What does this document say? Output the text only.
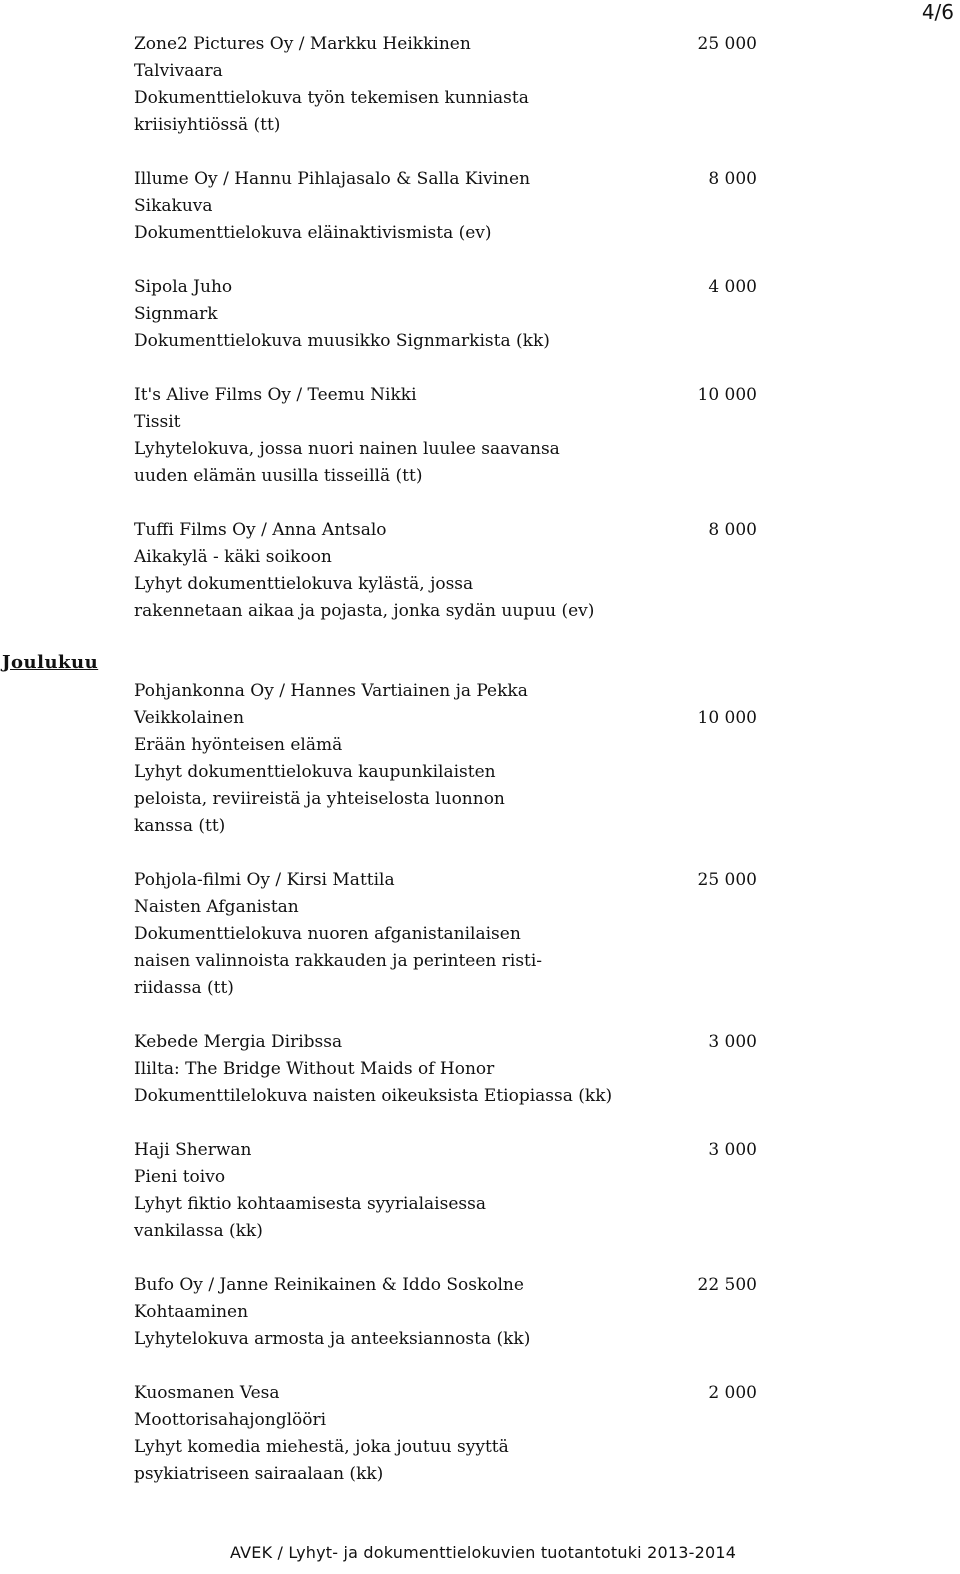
4/6
Joulukuu
25 000
Zone2 Pictures Oy / Markku Heikkinen
Talvivaara
Dokumenttielokuva työn tekemisen kunniasta
kriisiyhtiössä (tt)
8 000
Illume Oy / Hannu Pihlajasalo & Salla Kivinen
Sikakuva
Dokumenttielokuva eläinaktivismista (ev)
4 000
Sipola Juho
Signmark
Dokumenttielokuva muusikko Signmarkista (kk)
10 000
It's Alive Films Oy / Teemu Nikki
Tissit
Lyhytelokuva, jossa nuori nainen luulee saavansa
uuden elämän uusilla tisseillä (tt)
8 000
Tuffi Films Oy / Anna Antsalo
Aikakylä - käki soikoon
Lyhyt dokumenttielokuva kylästä, jossa
rakennetaan aikaa ja pojasta, jonka sydän uupuu (ev)
10 000
Pohjankonna Oy / Hannes Vartiainen ja Pekka
Veikkolainen
Erään hyönteisen elämä
Lyhyt dokumenttielokuva kaupunkilaisten
peloista, reviireistä ja yhteiselosta luonnon
kanssa (tt)
25 000
Pohjola-filmi Oy / Kirsi Mattila
Naisten Afganistan
Dokumenttielokuva nuoren afganistanilaisen
naisen valinnoista rakkauden ja perinteen risti-
riidassa (tt)
3 000
Kebede Mergia Diribssa
Ililta: The Bridge Without Maids of Honor
Dokumenttilelokuva naisten oikeuksista Etiopiassa (kk)
3 000
Haji Sherwan
Pieni toivo
Lyhyt fiktio kohtaamisesta syyrialaisessa
vankilassa (kk)
22 500
Bufo Oy / Janne Reinikainen & Iddo Soskolne
Kohtaaminen
Lyhytelokuva armosta ja anteeksiannosta (kk)
2 000
Kuosmanen Vesa
Moottorisahajonglööri
Lyhyt komedia miehestä, joka joutuu syyttä
psykiatriseen sairaalaan (kk)
AVEK / Lyhyt- ja dokumenttielokuvien tuotantotuki 2013-2014
